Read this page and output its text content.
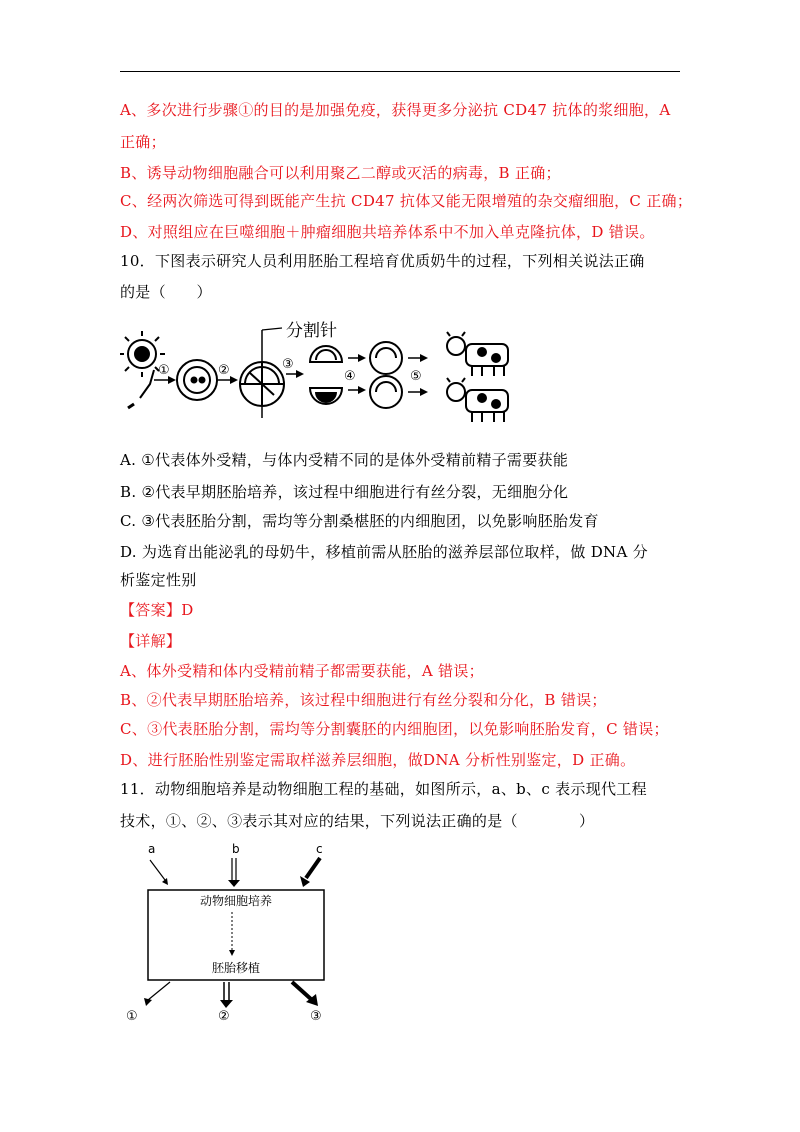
A、多次进行步骤①的目的是加强免疫，获得更多分泌抗 CD47 抗体的浆细胞，A
正确；
B、诱导动物细胞融合可以利用聚乙二醇或灭活的病毒，B 正确；
C、经两次筛选可得到既能产生抗 CD47 抗体又能无限增殖的杂交瘤细胞，C 正确；
D、对照组应在巨噬细胞＋肿瘤细胞共培养体系中不加入单克隆抗体，D 错误。
10．下图表示研究人员利用胚胎工程培育优质奶牛的过程，下列相关说法正确
的是（　　）
①	②
分割针
③
④	⑤
A. ①代表体外受精，与体内受精不同的是体外受精前精子需要获能
B. ②代表早期胚胎培养，该过程中细胞进行有丝分裂，无细胞分化
C. ③代表胚胎分割，需均等分割桑椹胚的内细胞团，以免影响胚胎发育
D. 为选育出能泌乳的母奶牛，移植前需从胚胎的滋养层部位取样，做 DNA 分
析鉴定性别
【答案】D
【详解】
A、体外受精和体内受精前精子都需要获能，A 错误；
B、②代表早期胚胎培养，该过程中细胞进行有丝分裂和分化，B 错误；
C、③代表胚胎分割，需均等分割囊胚的内细胞团，以免影响胚胎发育，C 错误；
D、进行胚胎性别鉴定需取样滋养层细胞，做DNA 分析性别鉴定，D 正确。
11．动物细胞培养是动物细胞工程的基础，如图所示，a、b、c 表示现代工程
技术，①、②、③表示其对应的结果，下列说法正确的是（　　　　）
a	b	c
动物细胞培养
胚胎移植
①	②	③
